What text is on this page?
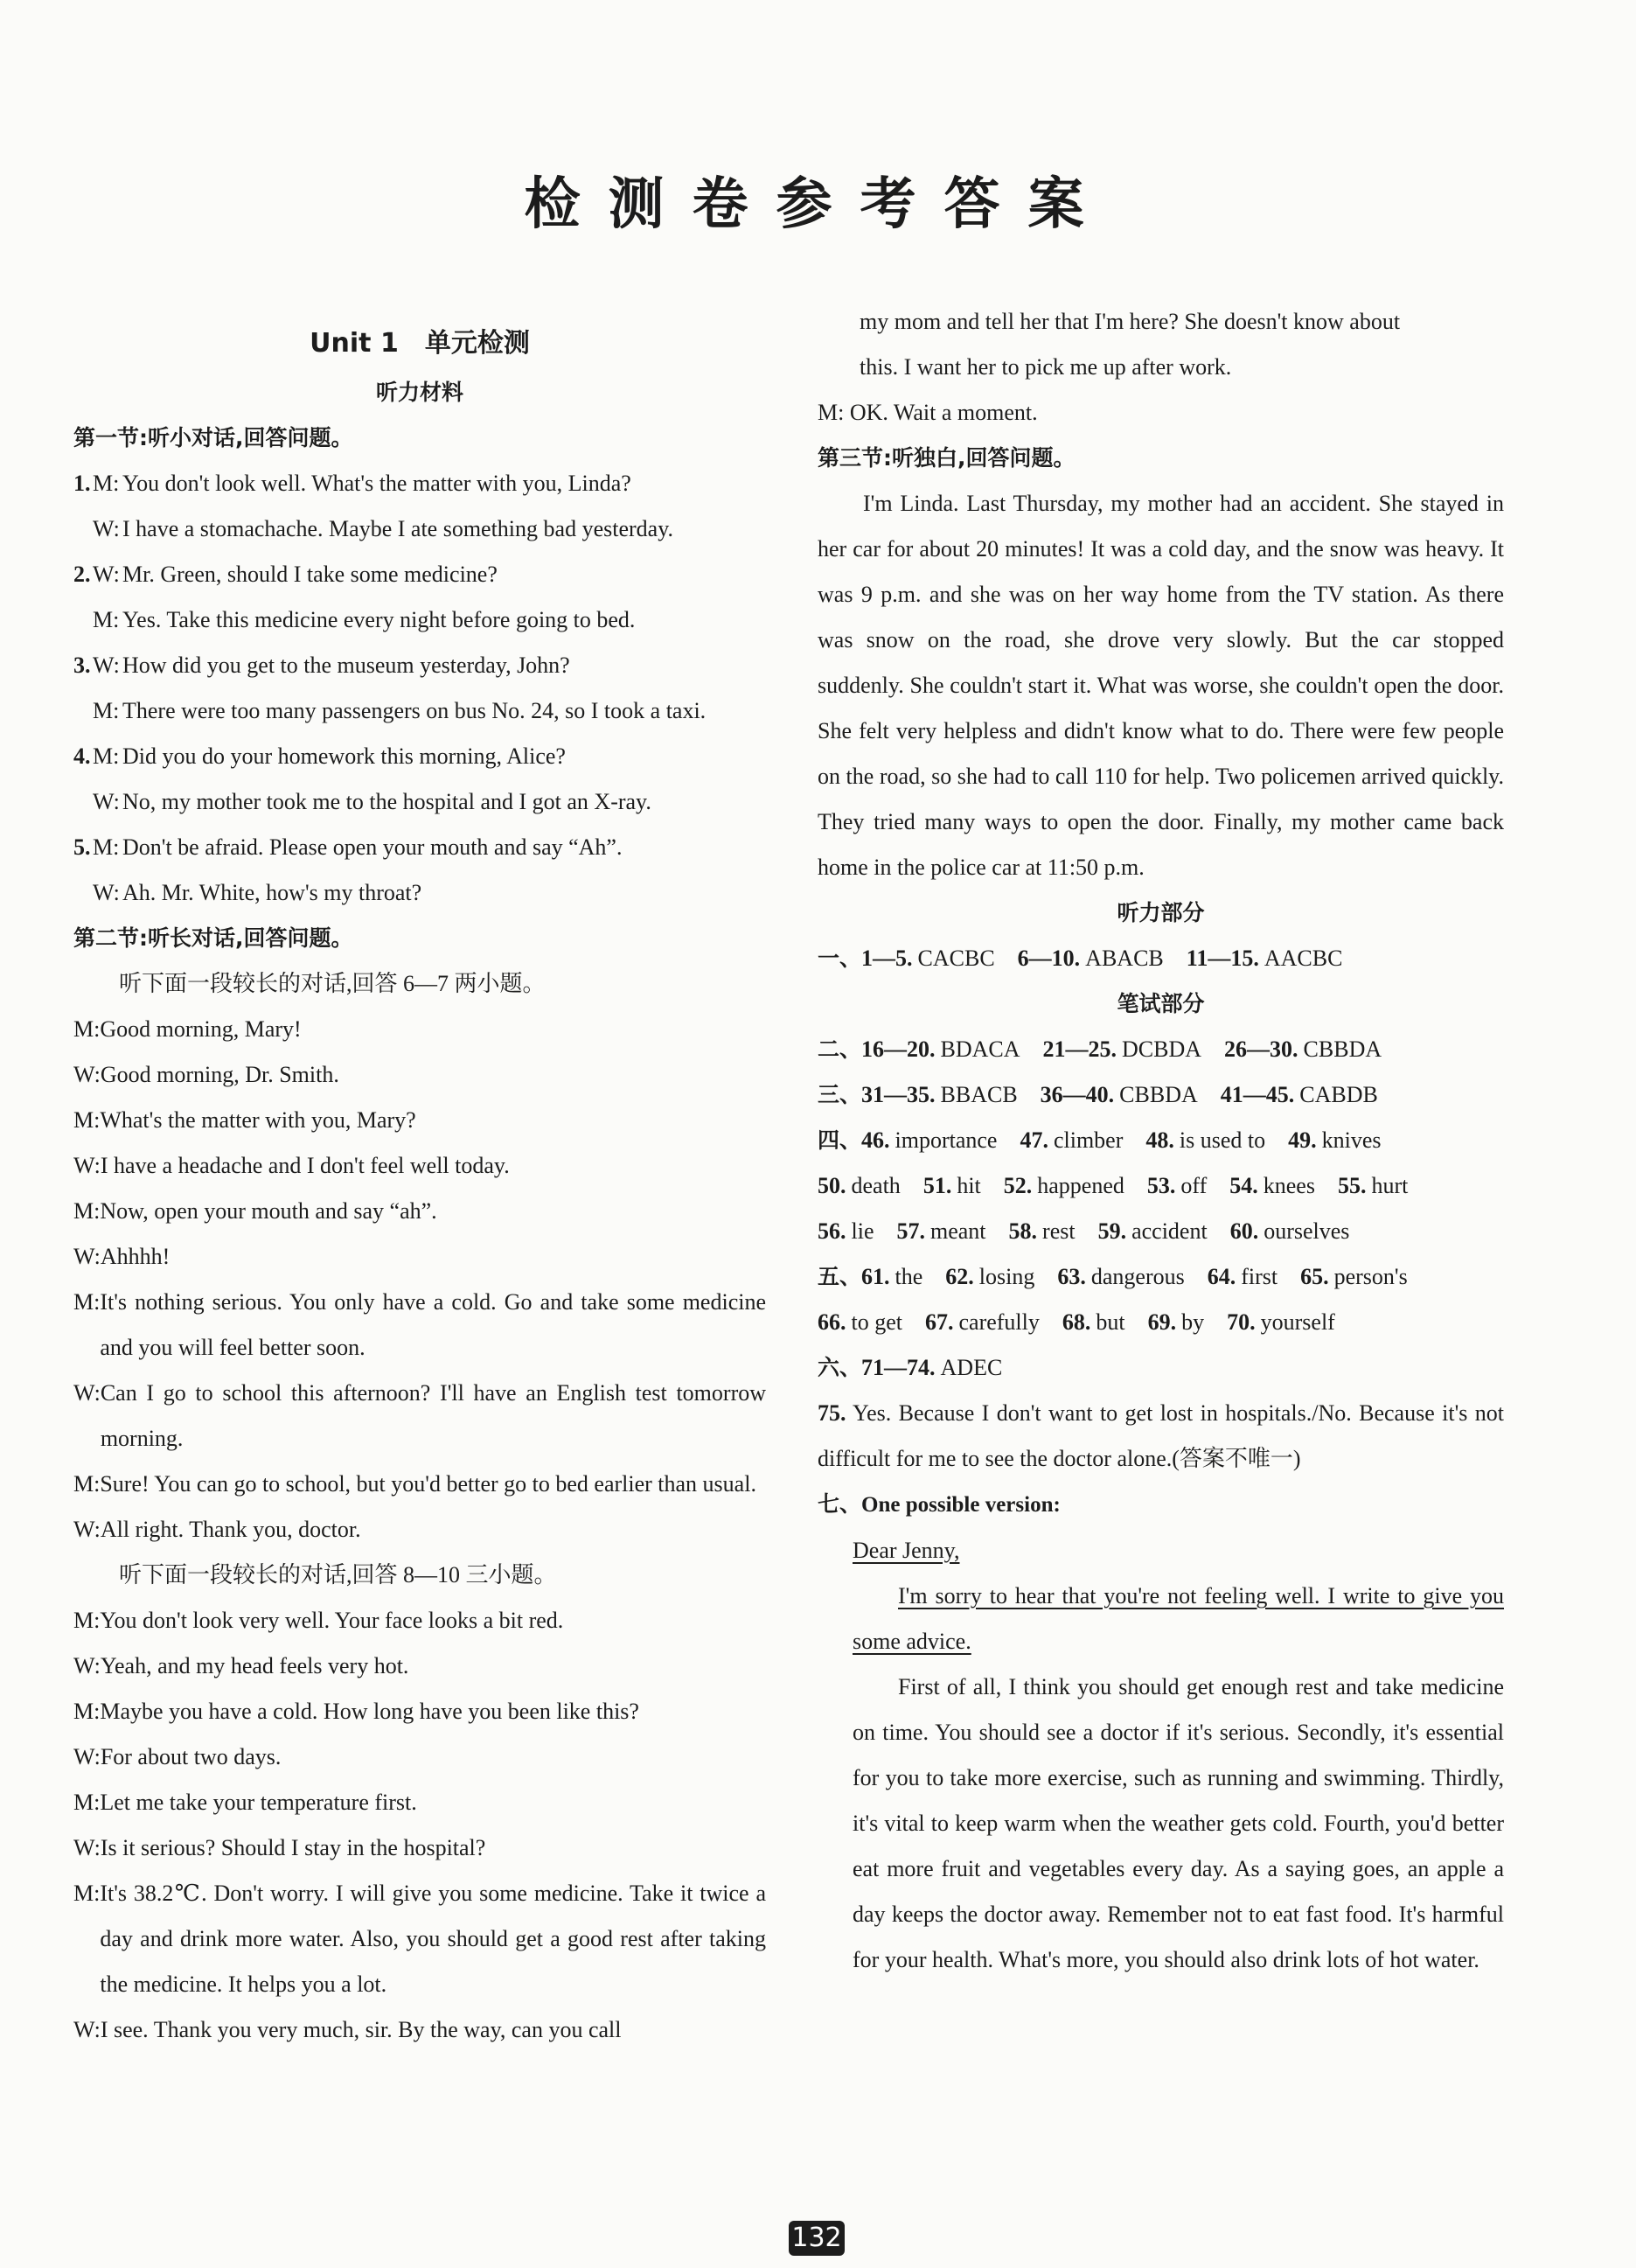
检测卷参考答案
Unit 1　单元检测
听力材料
第一节:听小对话,回答问题。
1. M: You don't look well. What's the matter with you, Linda?
W: I have a stomachache. Maybe I ate something bad yesterday.
2. W: Mr. Green, should I take some medicine?
M: Yes. Take this medicine every night before going to bed.
3. W: How did you get to the museum yesterday, John?
M: There were too many passengers on bus No. 24, so I took a taxi.
4. M: Did you do your homework this morning, Alice?
W: No, my mother took me to the hospital and I got an X-ray.
5. M: Don't be afraid. Please open your mouth and say “Ah”.
W: Ah. Mr. White, how's my throat?
第二节:听长对话,回答问题。
听下面一段较长的对话,回答 6—7 两小题。
M: Good morning, Mary!
W: Good morning, Dr. Smith.
M: What's the matter with you, Mary?
W: I have a headache and I don't feel well today.
M: Now, open your mouth and say “ah”.
W: Ahhhh!
M: It's nothing serious. You only have a cold. Go and take some medicine and you will feel better soon.
W: Can I go to school this afternoon? I'll have an English test tomorrow morning.
M: Sure! You can go to school, but you'd better go to bed earlier than usual.
W: All right. Thank you, doctor.
听下面一段较长的对话,回答 8—10 三小题。
M: You don't look very well. Your face looks a bit red.
W: Yeah, and my head feels very hot.
M: Maybe you have a cold. How long have you been like this?
W: For about two days.
M: Let me take your temperature first.
W: Is it serious? Should I stay in the hospital?
M: It's 38.2℃. Don't worry. I will give you some medicine. Take it twice a day and drink more water. Also, you should get a good rest after taking the medicine. It helps you a lot.
W: I see. Thank you very much, sir. By the way, can you call
my mom and tell her that I'm here? She doesn't know about
this. I want her to pick me up after work.
M: OK. Wait a moment.
第三节:听独白,回答问题。
I'm Linda. Last Thursday, my mother had an accident. She stayed in her car for about 20 minutes! It was a cold day, and the snow was heavy. It was 9 p.m. and she was on her way home from the TV station. As there was snow on the road, she drove very slowly. But the car stopped suddenly. She couldn't start it. What was worse, she couldn't open the door. She felt very helpless and didn't know what to do. There were few people on the road, so she had to call 110 for help. Two policemen arrived quickly. They tried many ways to open the door. Finally, my mother came back home in the police car at 11:50 p.m.
听力部分
一、1—5. CACBC 6—10. ABACB 11—15. AACBC
笔试部分
二、16—20. BDACA 21—25. DCBDA 26—30. CBBDA
三、31—35. BBACB 36—40. CBBDA 41—45. CABDB
四、46. importance 47. climber 48. is used to 49. knives
50. death 51. hit 52. happened 53. off 54. knees 55. hurt
56. lie 57. meant 58. rest 59. accident 60. ourselves
五、61. the 62. losing 63. dangerous 64. first 65. person's
66. to get 67. carefully 68. but 69. by 70. yourself
六、71—74. ADEC
75. Yes. Because I don't want to get lost in hospitals./No. Because it's not difficult for me to see the doctor alone.(答案不唯一)
七、One possible version:
Dear Jenny,
I'm sorry to hear that you're not feeling well. I write to give you some advice.
First of all, I think you should get enough rest and take medicine on time. You should see a doctor if it's serious. Secondly, it's essential for you to take more exercise, such as running and swimming. Thirdly, it's vital to keep warm when the weather gets cold. Fourth, you'd better eat more fruit and vegetables every day. As a saying goes, an apple a day keeps the doctor away. Remember not to eat fast food. It's harmful for your health. What's more, you should also drink lots of hot water.
132
